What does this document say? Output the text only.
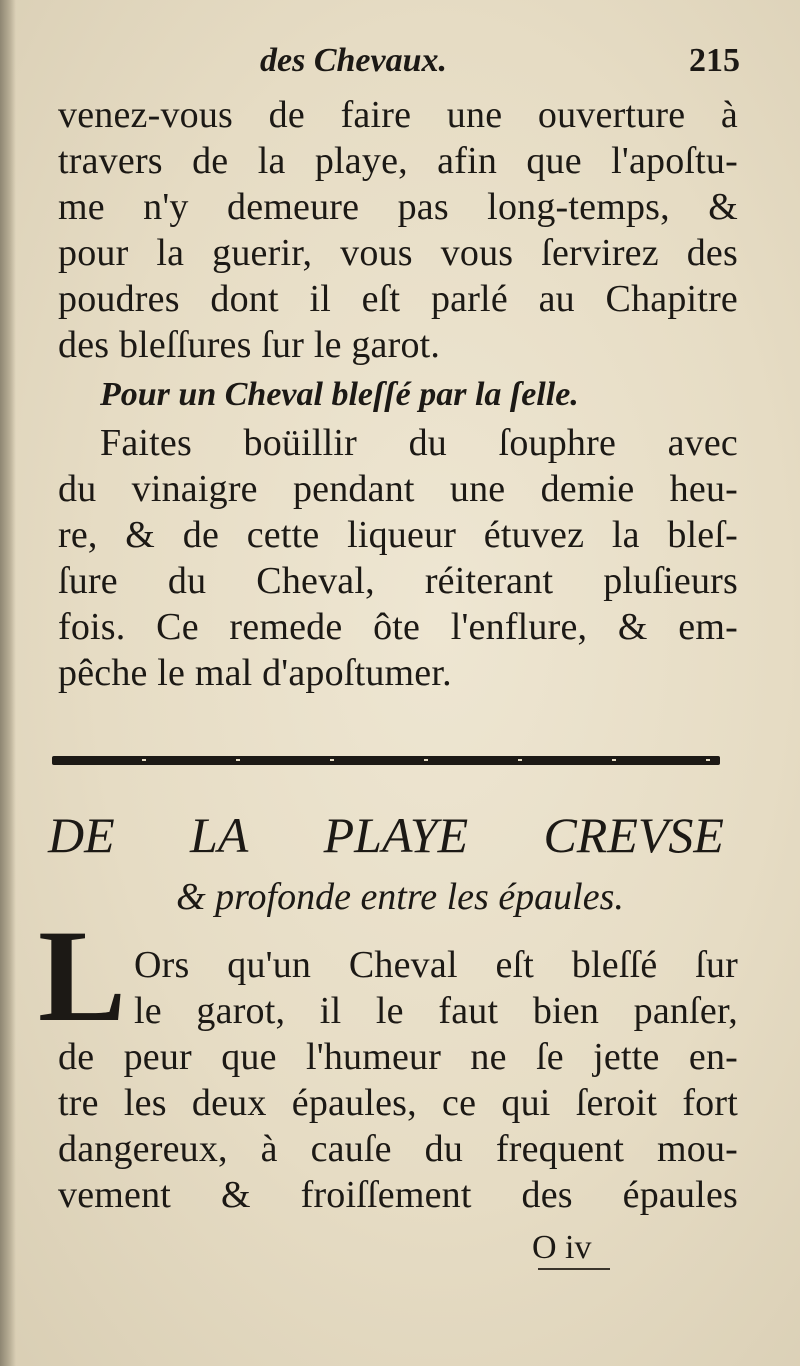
des Chevaux.	215
venez-vous de faire une ouverture à
travers de la playe, afin que l'apoſtu-
me n'y demeure pas long-temps, &
pour la guerir, vous vous ſervirez des
poudres dont il eſt parlé au Chapitre
des bleſſures ſur le garot.
Pour un Cheval bleſſé par la ſelle.
Faites boüillir du ſouphre avec
du vinaigre pendant une demie heu-
re, & de cette liqueur étuvez la bleſ-
ſure du Cheval, réiterant pluſieurs
fois. Ce remede ôte l'enflure, & em-
pêche le mal d'apoſtumer.
DE LA PLAYE CREVSE
& profonde entre les épaules.
L Ors qu'un Cheval eſt bleſſé ſur
le garot, il le faut bien panſer,
de peur que l'humeur ne ſe jette en-
tre les deux épaules, ce qui ſeroit fort
dangereux, à cauſe du frequent mou-
vement & froiſſement des épaules
O iv
